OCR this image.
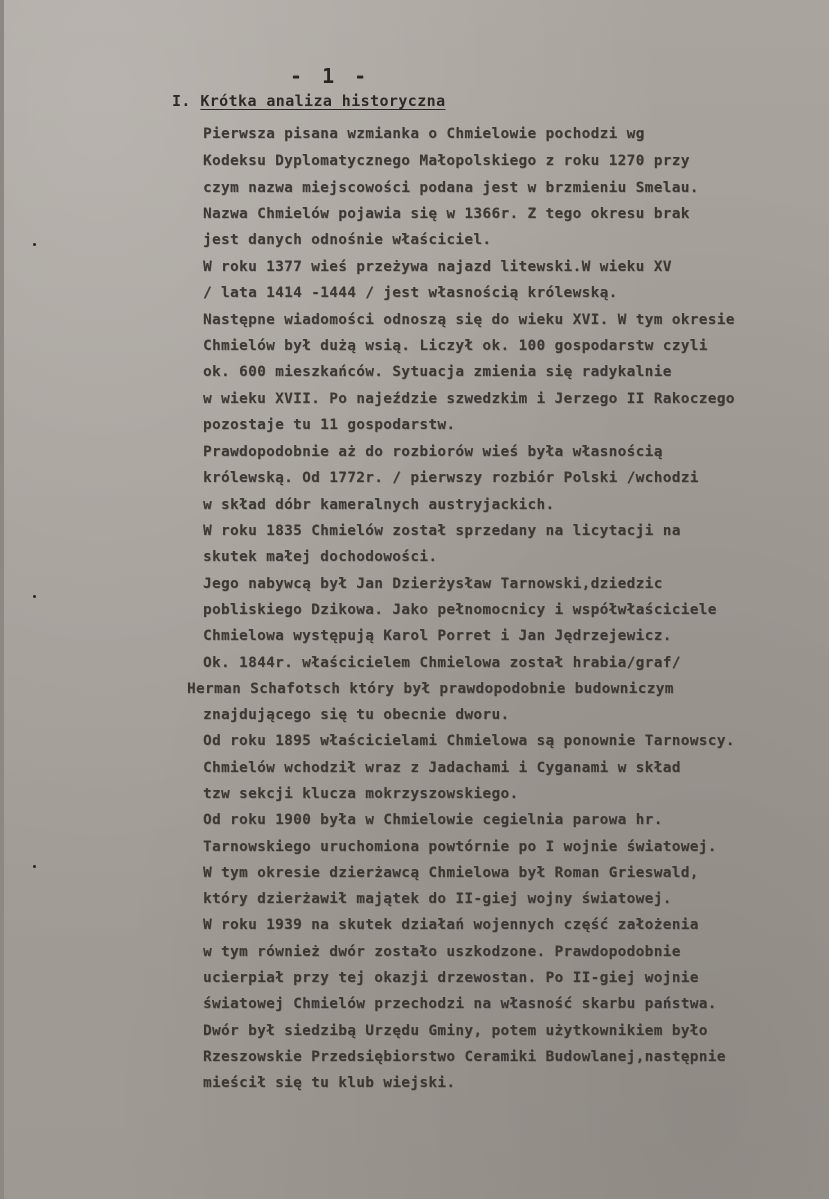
- 1 -
I. Krótka analiza historyczna
Pierwsza pisana wzmianka o Chmielowie pochodzi wg
Kodeksu Dyplomatycznego Małopolskiego z roku 1270 przy
czym nazwa miejscowości podana jest w brzmieniu Smelau.
Nazwa Chmielów pojawia się w 1366r. Z tego okresu brak
jest danych odnośnie właściciel.
W roku 1377 wieś przeżywa najazd litewski.W wieku XV
/ lata 1414 -1444 / jest własnością królewską.
Następne wiadomości odnoszą się do wieku XVI. W tym okresie
Chmielów był dużą wsią. Liczył ok. 100 gospodarstw czyli
ok. 600 mieszkańców. Sytuacja zmienia się radykalnie
w wieku XVII. Po najeździe szwedzkim i Jerzego II Rakoczego
pozostaje tu 11 gospodarstw.
Prawdopodobnie aż do rozbiorów wieś była własnością
królewską. Od 1772r. / pierwszy rozbiór Polski /wchodzi
w skład dóbr kameralnych austryjackich.
W roku 1835 Chmielów został sprzedany na licytacji na
skutek małej dochodowości.
Jego nabywcą był Jan Dzierżysław Tarnowski,dziedzic
pobliskiego Dzikowa. Jako pełnomocnicy i współwłaściciele
Chmielowa występują Karol Porret i Jan Jędrzejewicz.
Ok. 1844r. właścicielem Chmielowa został hrabia/graf/
Herman Schafotsch który był prawdopodobnie budowniczym
znajdującego się tu obecnie dworu.
Od roku 1895 właścicielami Chmielowa są ponownie Tarnowscy.
Chmielów wchodził wraz z Jadachami i Cyganami w skład
tzw sekcji klucza mokrzyszowskiego.
Od roku 1900 była w Chmielowie cegielnia parowa hr.
Tarnowskiego uruchomiona powtórnie po I wojnie światowej.
W tym okresie dzierżawcą Chmielowa był Roman Grieswald,
który dzierżawił majątek do II-giej wojny światowej.
W roku 1939 na skutek działań wojennych część założenia
w tym również dwór zostało uszkodzone. Prawdopodobnie
ucierpiał przy tej okazji drzewostan. Po II-giej wojnie
światowej Chmielów przechodzi na własność skarbu państwa.
Dwór był siedzibą Urzędu Gminy, potem użytkownikiem było
Rzeszowskie Przedsiębiorstwo Ceramiki Budowlanej,następnie
mieścił się tu klub wiejski.
